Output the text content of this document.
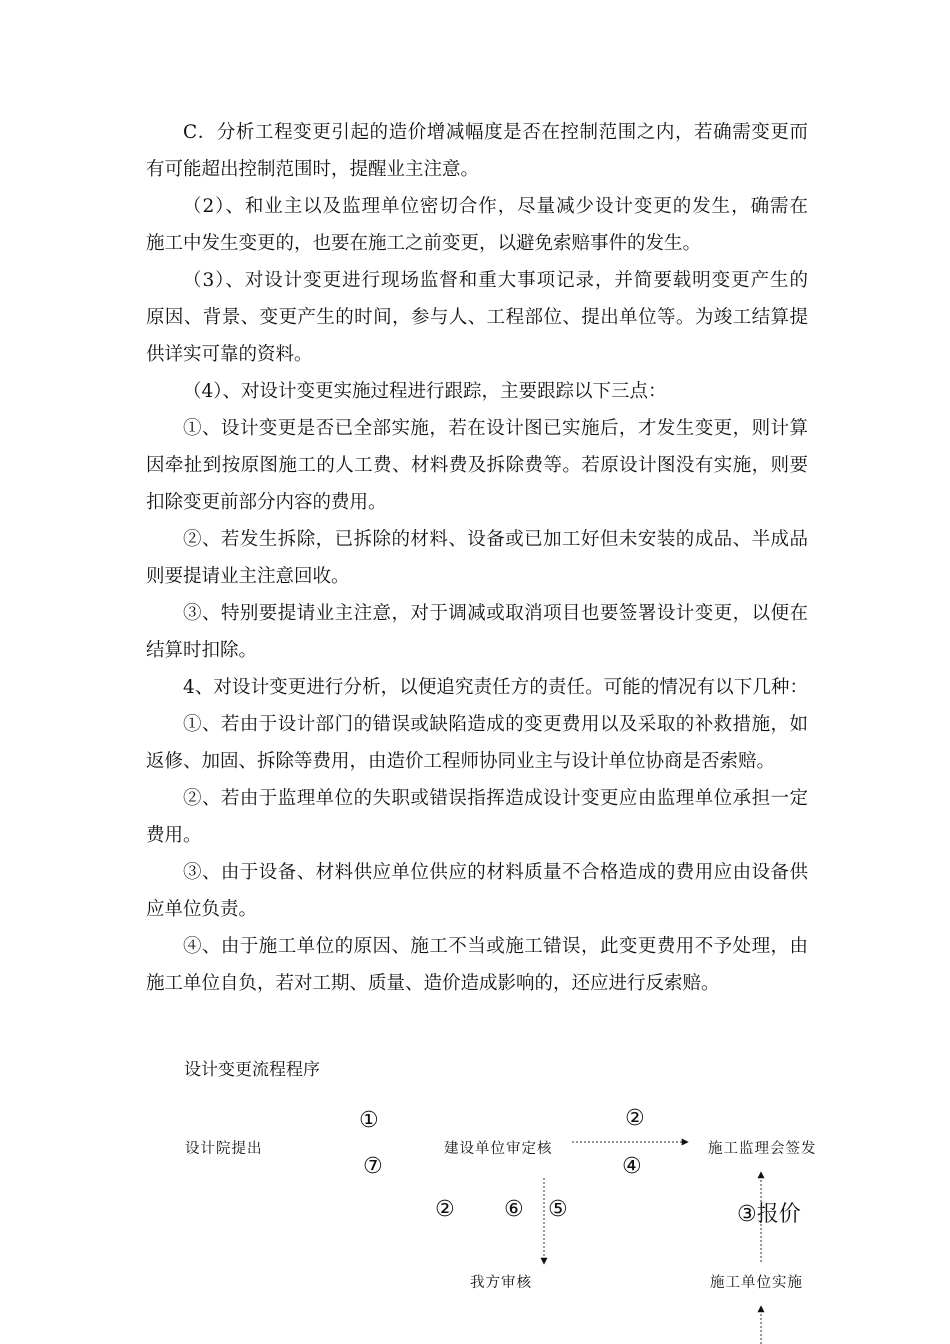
C．分析工程变更引起的造价增减幅度是否在控制范围之内，若确需变更而
有可能超出控制范围时，提醒业主注意。

（2）、和业主以及监理单位密切合作，尽量减少设计变更的发生，确需在
施工中发生变更的，也要在施工之前变更，以避免索赔事件的发生。

（3）、对设计变更进行现场监督和重大事项记录，并简要载明变更产生的
原因、背景、变更产生的时间，参与人、工程部位、提出单位等。为竣工结算提
供详实可靠的资料。

（4）、对设计变更实施过程进行跟踪，主要跟踪以下三点：

①、设计变更是否已全部实施，若在设计图已实施后，才发生变更，则计算
因牵扯到按原图施工的人工费、材料费及拆除费等。若原设计图没有实施，则要
扣除变更前部分内容的费用。

②、若发生拆除，已拆除的材料、设备或已加工好但未安装的成品、半成品
则要提请业主注意回收。

③、特别要提请业主注意，对于调减或取消项目也要签署设计变更，以便在
结算时扣除。

4、对设计变更进行分析，以便追究责任方的责任。可能的情况有以下几种：

①、若由于设计部门的错误或缺陷造成的变更费用以及采取的补救措施，如
返修、加固、拆除等费用，由造价工程师协同业主与设计单位协商是否索赔。

②、若由于监理单位的失职或错误指挥造成设计变更应由监理单位承担一定
费用。

③、由于设备、材料供应单位供应的材料质量不合格造成的费用应由设备供
应单位负责。

④、由于施工单位的原因、施工不当或施工错误，此变更费用不予处理，由
施工单位自负，若对工期、质量、造价造成影响的，还应进行反索赔。

设计变更流程程序
设计院提出	建设单位审定核	施工监理会签发
我方审核	施工单位实施
①
⑦
②
④
② ⑥ ⑤	③报价
